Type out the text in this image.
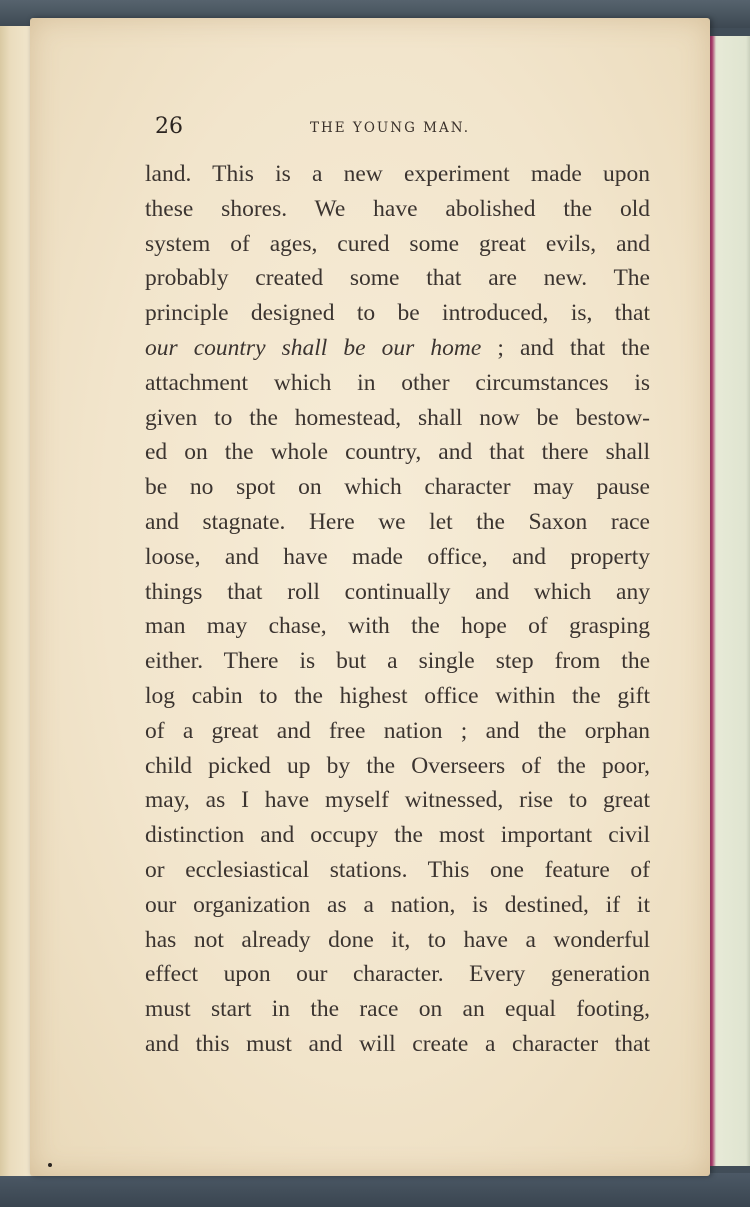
26	THE YOUNG MAN.
land. This is a new experiment made upon
these shores. We have abolished the old
system of ages, cured some great evils, and
probably created some that are new. The
principle designed to be introduced, is, that
our country shall be our home ; and that the
attachment which in other circumstances is
given to the homestead, shall now be bestow-
ed on the whole country, and that there shall
be no spot on which character may pause
and stagnate. Here we let the Saxon race
loose, and have made office, and property
things that roll continually and which any
man may chase, with the hope of grasping
either. There is but a single step from the
log cabin to the highest office within the gift
of a great and free nation ; and the orphan
child picked up by the Overseers of the poor,
may, as I have myself witnessed, rise to great
distinction and occupy the most important civil
or ecclesiastical stations. This one feature of
our organization as a nation, is destined, if it
has not already done it, to have a wonderful
effect upon our character. Every generation
must start in the race on an equal footing,
and this must and will create a character that
